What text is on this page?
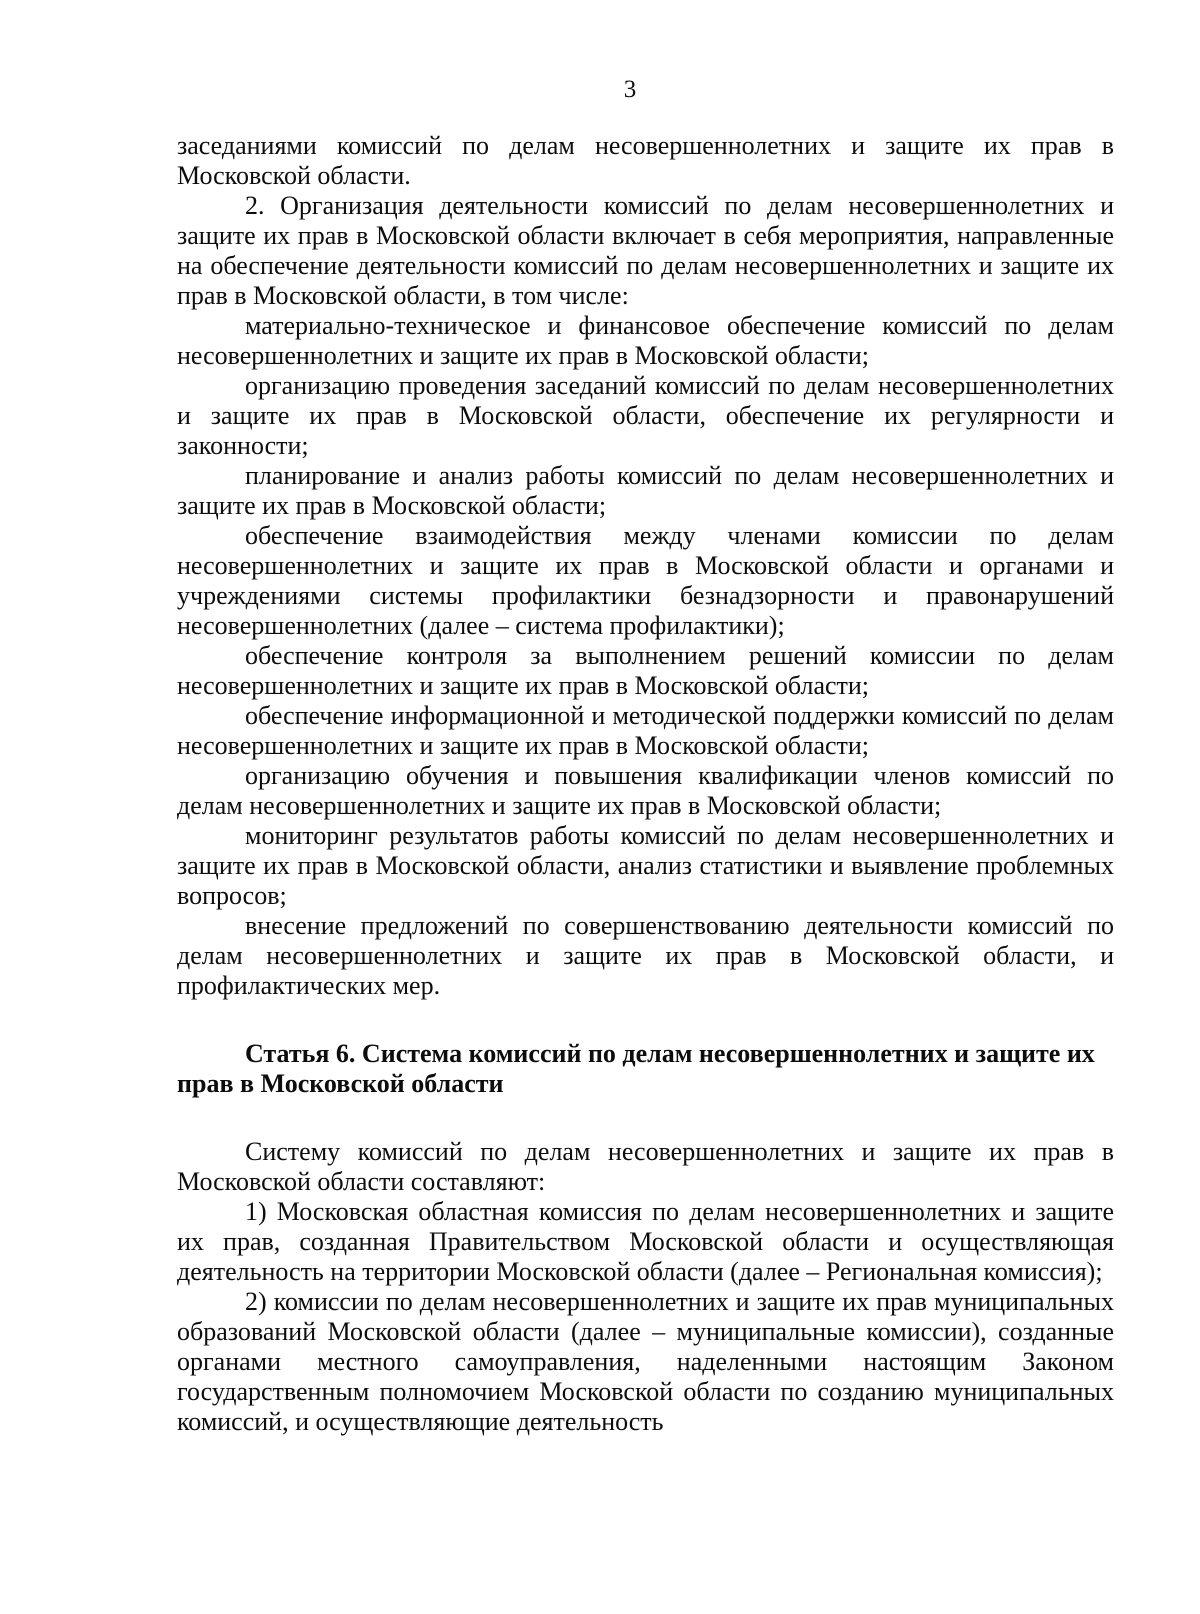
3

заседаниями комиссий по делам несовершеннолетних и защите их прав в Московской области.

2. Организация деятельности комиссий по делам несовершеннолетних и защите их прав в Московской области включает в себя мероприятия, направленные на обеспечение деятельности комиссий по делам несовершеннолетних и защите их прав в Московской области, в том числе:

материально-техническое и финансовое обеспечение комиссий по делам несовершеннолетних и защите их прав в Московской области;

организацию проведения заседаний комиссий по делам несовершеннолетних и защите их прав в Московской области, обеспечение их регулярности и законности;

планирование и анализ работы комиссий по делам несовершеннолетних и защите их прав в Московской области;

обеспечение взаимодействия между членами комиссии по делам несовершеннолетних и защите их прав в Московской области и органами и учреждениями системы профилактики безнадзорности и правонарушений несовершеннолетних (далее – система профилактики);

обеспечение контроля за выполнением решений комиссии по делам несовершеннолетних и защите их прав в Московской области;

обеспечение информационной и методической поддержки комиссий по делам несовершеннолетних и защите их прав в Московской области;

организацию обучения и повышения квалификации членов комиссий по делам несовершеннолетних и защите их прав в Московской области;

мониторинг результатов работы комиссий по делам несовершеннолетних и защите их прав в Московской области, анализ статистики и выявление проблемных вопросов;

внесение предложений по совершенствованию деятельности комиссий по делам несовершеннолетних и защите их прав в Московской области, и профилактических мер.

Статья 6. Система комиссий по делам несовершеннолетних и защите их прав в Московской области

Систему комиссий по делам несовершеннолетних и защите их прав в Московской области составляют:

1) Московская областная комиссия по делам несовершеннолетних и защите их прав, созданная Правительством Московской области и осуществляющая деятельность на территории Московской области (далее – Региональная комиссия);

2) комиссии по делам несовершеннолетних и защите их прав муниципальных образований Московской области (далее – муниципальные комиссии), созданные органами местного самоуправления, наделенными настоящим Законом государственным полномочием Московской области по созданию муниципальных комиссий, и осуществляющие деятельность
